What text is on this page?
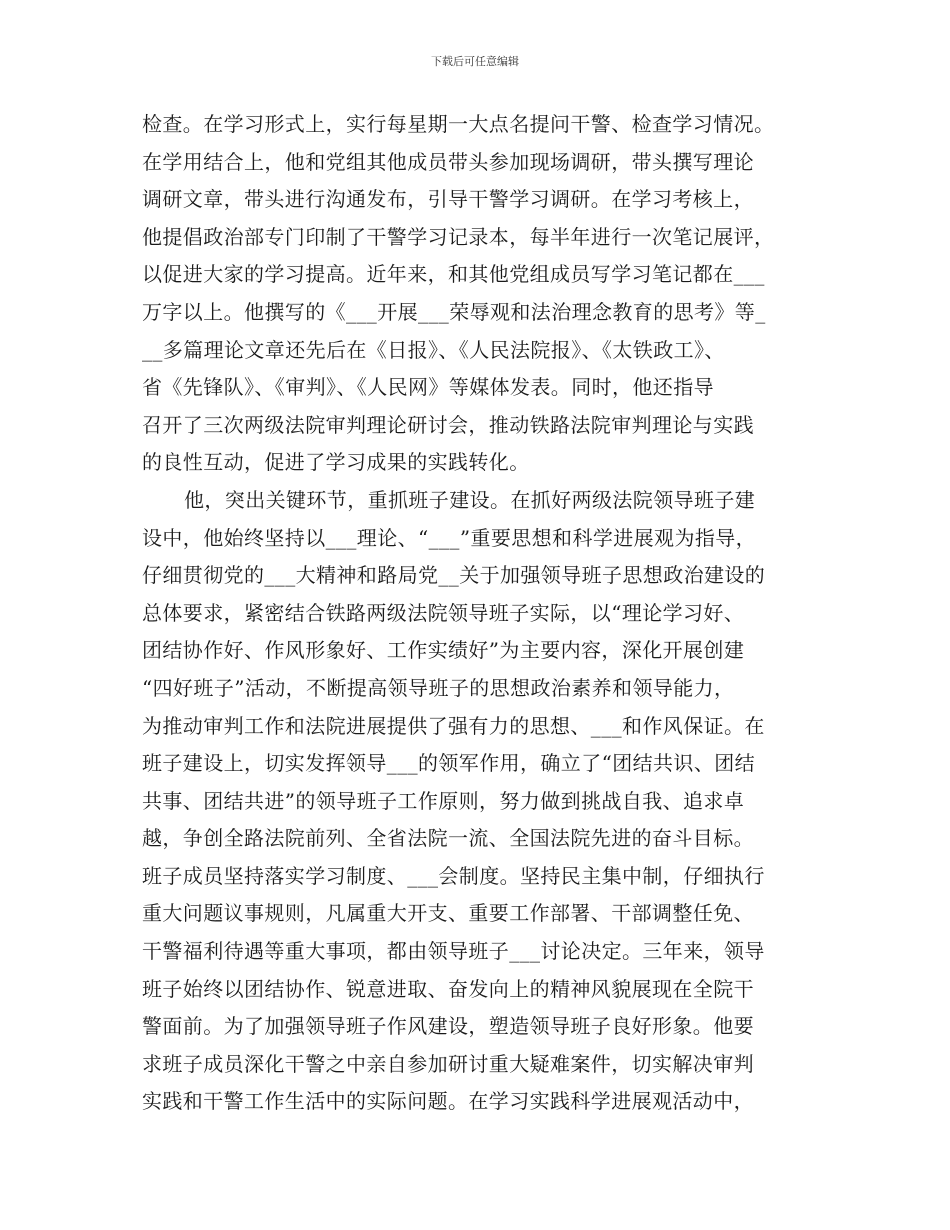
下载后可任意编辑
检查。在学习形式上，实行每星期一大点名提问干警、检查学习情况。
在学用结合上，他和党组其他成员带头参加现场调研，带头撰写理论
调研文章，带头进行沟通发布，引导干警学习调研。在学习考核上，
他提倡政治部专门印制了干警学习记录本，每半年进行一次笔记展评，
以促进大家的学习提高。近年来，和其他党组成员写学习笔记都在___
万字以上。他撰写的《___开展___荣辱观和法治理念教育的思考》等_
__多篇理论文章还先后在《日报》、《人民法院报》、《太铁政工》、
省《先锋队》、《审判》、《人民网》等媒体发表。同时，他还指导
召开了三次两级法院审判理论研讨会，推动铁路法院审判理论与实践
的良性互动，促进了学习成果的实践转化。
他，突出关键环节，重抓班子建设。在抓好两级法院领导班子建
设中，他始终坚持以___理论、“___”重要思想和科学进展观为指导，
仔细贯彻党的___大精神和路局党__关于加强领导班子思想政治建设的
总体要求，紧密结合铁路两级法院领导班子实际，以“理论学习好、
团结协作好、作风形象好、工作实绩好”为主要内容，深化开展创建
“四好班子”活动，不断提高领导班子的思想政治素养和领导能力，
为推动审判工作和法院进展提供了强有力的思想、___和作风保证。在
班子建设上，切实发挥领导___的领军作用，确立了“团结共识、团结
共事、团结共进”的领导班子工作原则，努力做到挑战自我、追求卓
越，争创全路法院前列、全省法院一流、全国法院先进的奋斗目标。
班子成员坚持落实学习制度、___会制度。坚持民主集中制，仔细执行
重大问题议事规则，凡属重大开支、重要工作部署、干部调整任免、
干警福利待遇等重大事项，都由领导班子___讨论决定。三年来，领导
班子始终以团结协作、锐意进取、奋发向上的精神风貌展现在全院干
警面前。为了加强领导班子作风建设，塑造领导班子良好形象。他要
求班子成员深化干警之中亲自参加研讨重大疑难案件，切实解决审判
实践和干警工作生活中的实际问题。在学习实践科学进展观活动中，
